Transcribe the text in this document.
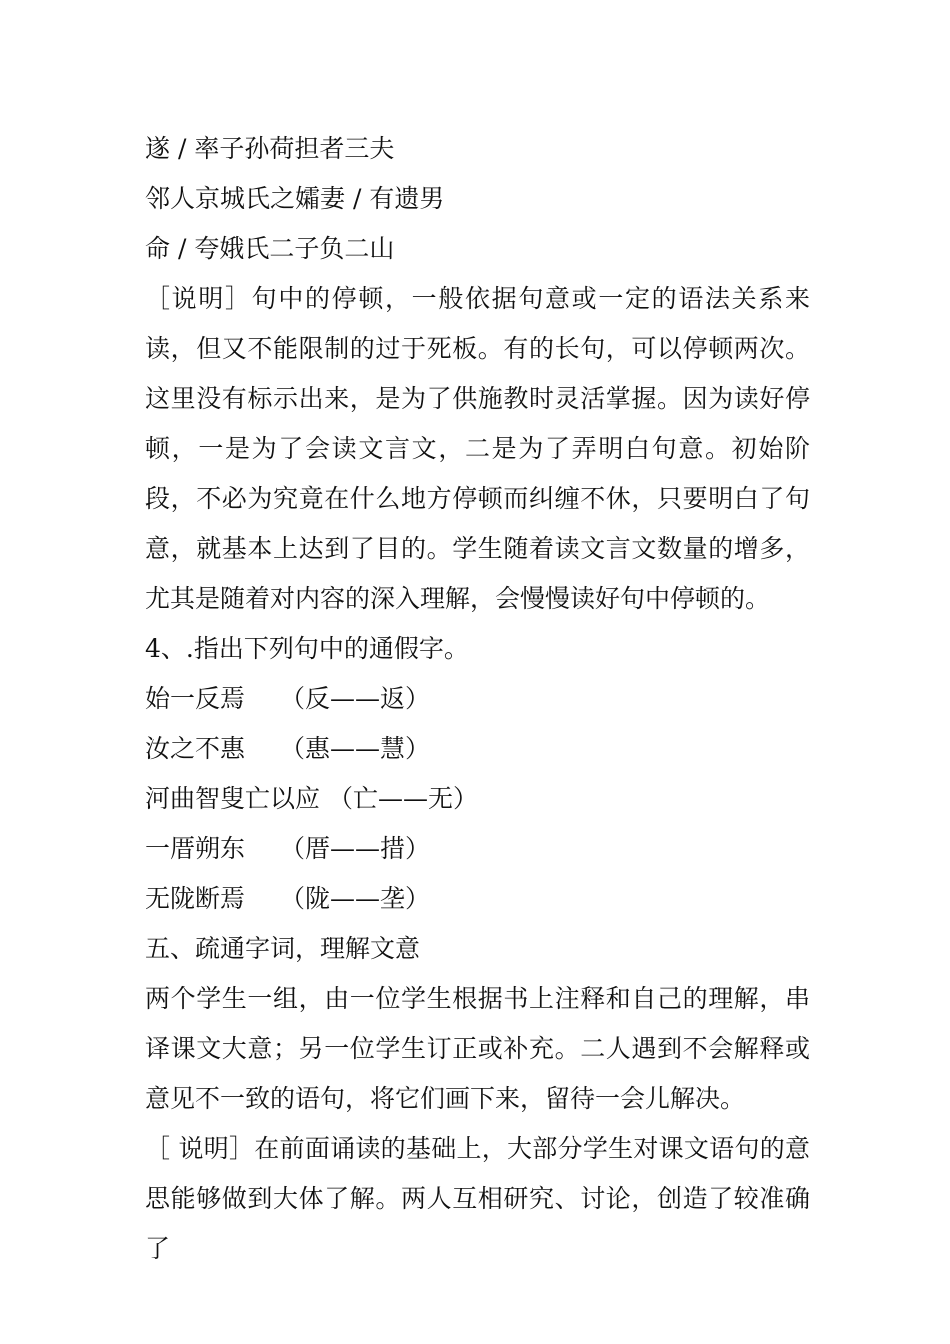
遂 / 率子孙荷担者三夫
邻人京城氏之孀妻 / 有遗男
命 / 夸娥氏二子负二山
［说明］句中的停顿，一般依据句意或一定的语法关系来读，但又不能限制的过于死板。有的长句，可以停顿两次。这里没有标示出来，是为了供施教时灵活掌握。因为读好停顿，一是为了会读文言文，二是为了弄明白句意。初始阶段，不必为究竟在什么地方停顿而纠缠不休，只要明白了句意，就基本上达到了目的。学生随着读文言文数量的增多，尤其是随着对内容的深入理解，会慢慢读好句中停顿的。
4、.指出下列句中的通假字。
始一反焉 （反——返）
汝之不惠 （惠——慧）
河曲智叟亡以应 （亡——无）
一厝朔东 （厝——措）
无陇断焉 （陇——垄）
五、疏通字词，理解文意
两个学生一组，由一位学生根据书上注释和自己的理解，串译课文大意；另一位学生订正或补充。二人遇到不会解释或意见不一致的语句，将它们画下来，留待一会儿解决。
［ 说明］在前面诵读的基础上，大部分学生对课文语句的意思能够做到大体了解。两人互相研究、讨论，创造了较准确了
